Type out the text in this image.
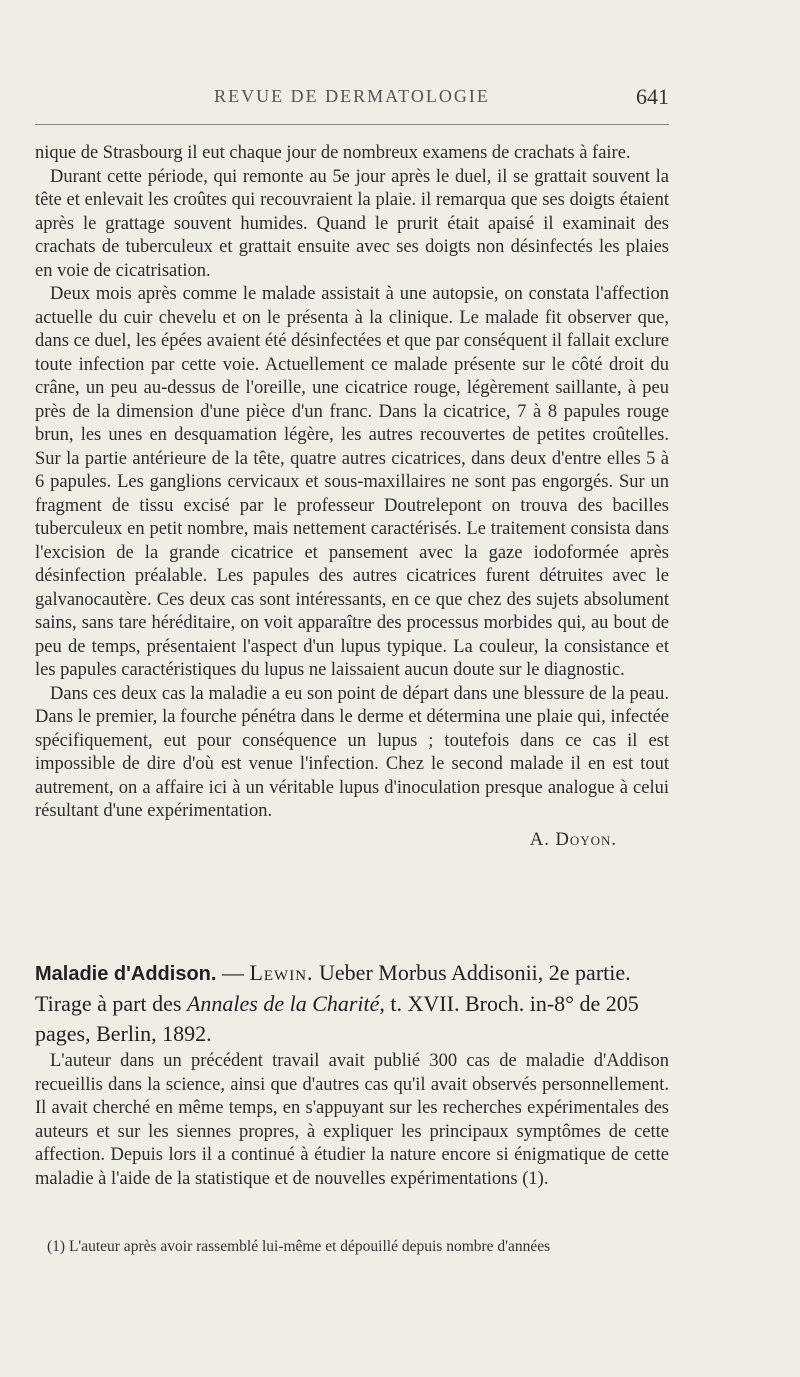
REVUE DE DERMATOLOGIE	641

nique de Strasbourg il eut chaque jour de nombreux examens de crachats à faire.

Durant cette période, qui remonte au 5e jour après le duel, il se grattait souvent la tête et enlevait les croûtes qui recouvraient la plaie. il remarqua que ses doigts étaient après le grattage souvent humides. Quand le prurit était apaisé il examinait des crachats de tuberculeux et grattait ensuite avec ses doigts non désinfectés les plaies en voie de cicatrisation.

Deux mois après comme le malade assistait à une autopsie, on constata l'affection actuelle du cuir chevelu et on le présenta à la clinique. Le malade fit observer que, dans ce duel, les épées avaient été désinfectées et que par conséquent il fallait exclure toute infection par cette voie. Actuellement ce malade présente sur le côté droit du crâne, un peu au-dessus de l'oreille, une cicatrice rouge, légèrement saillante, à peu près de la dimension d'une pièce d'un franc. Dans la cicatrice, 7 à 8 papules rouge brun, les unes en desquamation légère, les autres recouvertes de petites croûtelles. Sur la partie antérieure de la tête, quatre autres cicatrices, dans deux d'entre elles 5 à 6 papules. Les ganglions cervicaux et sous-maxillaires ne sont pas engorgés. Sur un fragment de tissu excisé par le professeur Doutrelepont on trouva des bacilles tuberculeux en petit nombre, mais nettement caractérisés. Le traitement consista dans l'excision de la grande cicatrice et pansement avec la gaze iodoformée après désinfection préalable. Les papules des autres cicatrices furent détruites avec le galvanocautère. Ces deux cas sont intéressants, en ce que chez des sujets absolument sains, sans tare héréditaire, on voit apparaître des processus morbides qui, au bout de peu de temps, présentaient l'aspect d'un lupus typique. La couleur, la consistance et les papules caractéristiques du lupus ne laissaient aucun doute sur le diagnostic.

Dans ces deux cas la maladie a eu son point de départ dans une blessure de la peau. Dans le premier, la fourche pénétra dans le derme et détermina une plaie qui, infectée spécifiquement, eut pour conséquence un lupus ; toutefois dans ce cas il est impossible de dire d'où est venue l'infection. Chez le second malade il en est tout autrement, on a affaire ici à un véritable lupus d'inoculation presque analogue à celui résultant d'une expérimentation.

A. Doyon.

Maladie d'Addison. — Lewin. Ueber Morbus Addisonii, 2e partie. Tirage à part des Annales de la Charité, t. XVII. Broch. in-8° de 205 pages, Berlin, 1892.

L'auteur dans un précédent travail avait publié 300 cas de maladie d'Addison recueillis dans la science, ainsi que d'autres cas qu'il avait observés personnellement. Il avait cherché en même temps, en s'appuyant sur les recherches expérimentales des auteurs et sur les siennes propres, à expliquer les principaux symptômes de cette affection. Depuis lors il a continué à étudier la nature encore si énigmatique de cette maladie à l'aide de la statistique et de nouvelles expérimentations (1).

(1) L'auteur après avoir rassemblé lui-même et dépouillé depuis nombre d'années
